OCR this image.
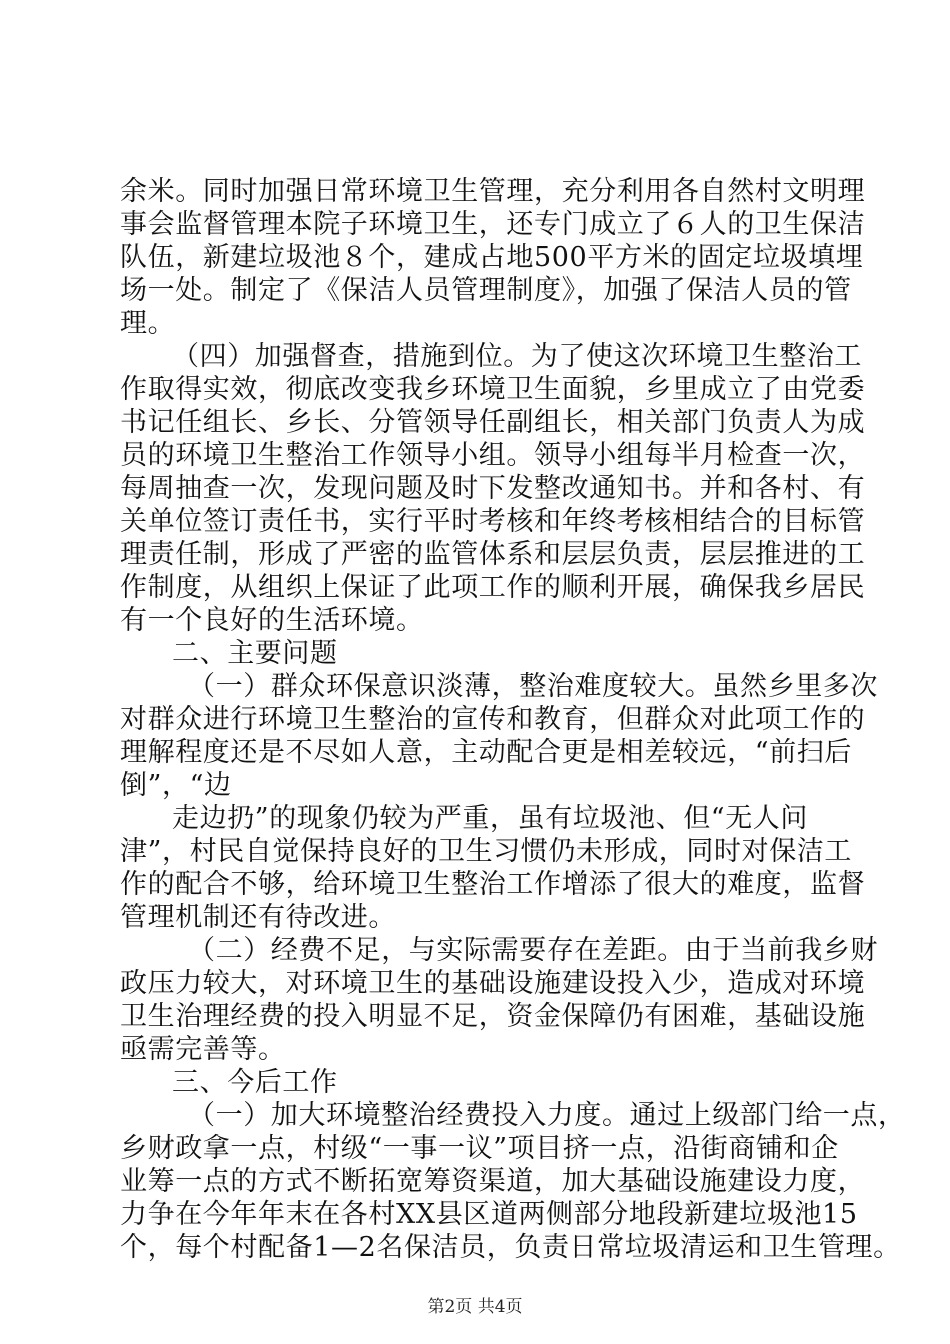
余米。同时加强日常环境卫生管理，充分利用各自然村文明理
事会监督管理本院子环境卫生，还专门成立了６人的卫生保洁
队伍，新建垃圾池８个，建成占地500平方米的固定垃圾填埋
场一处。制定了《保洁人员管理制度》，加强了保洁人员的管
理。
（四）加强督查，措施到位。为了使这次环境卫生整治工
作取得实效，彻底改变我乡环境卫生面貌，乡里成立了由党委
书记任组长、乡长、分管领导任副组长，相关部门负责人为成
员的环境卫生整治工作领导小组。领导小组每半月检查一次，
每周抽查一次，发现问题及时下发整改通知书。并和各村、有
关单位签订责任书，实行平时考核和年终考核相结合的目标管
理责任制，形成了严密的监管体系和层层负责，层层推进的工
作制度，从组织上保证了此项工作的顺利开展，确保我乡居民
有一个良好的生活环境。
二、主要问题
（一）群众环保意识淡薄，整治难度较大。虽然乡里多次
对群众进行环境卫生整治的宣传和教育，但群众对此项工作的
理解程度还是不尽如人意，主动配合更是相差较远，“前扫后
倒”，“边
走边扔”的现象仍较为严重，虽有垃圾池、但“无人问
津”，村民自觉保持良好的卫生习惯仍未形成，同时对保洁工
作的配合不够，给环境卫生整治工作增添了很大的难度，监督
管理机制还有待改进。
（二）经费不足，与实际需要存在差距。由于当前我乡财
政压力较大，对环境卫生的基础设施建设投入少，造成对环境
卫生治理经费的投入明显不足，资金保障仍有困难，基础设施
亟需完善等。
三、今后工作
（一）加大环境整治经费投入力度。通过上级部门给一点，
乡财政拿一点，村级“一事一议”项目挤一点，沿街商铺和企
业筹一点的方式不断拓宽筹资渠道，加大基础设施建设力度，
力争在今年年末在各村XX县区道两侧部分地段新建垃圾池15
个，每个村配备1—2名保洁员，负责日常垃圾清运和卫生管理。
第2页 共4页
